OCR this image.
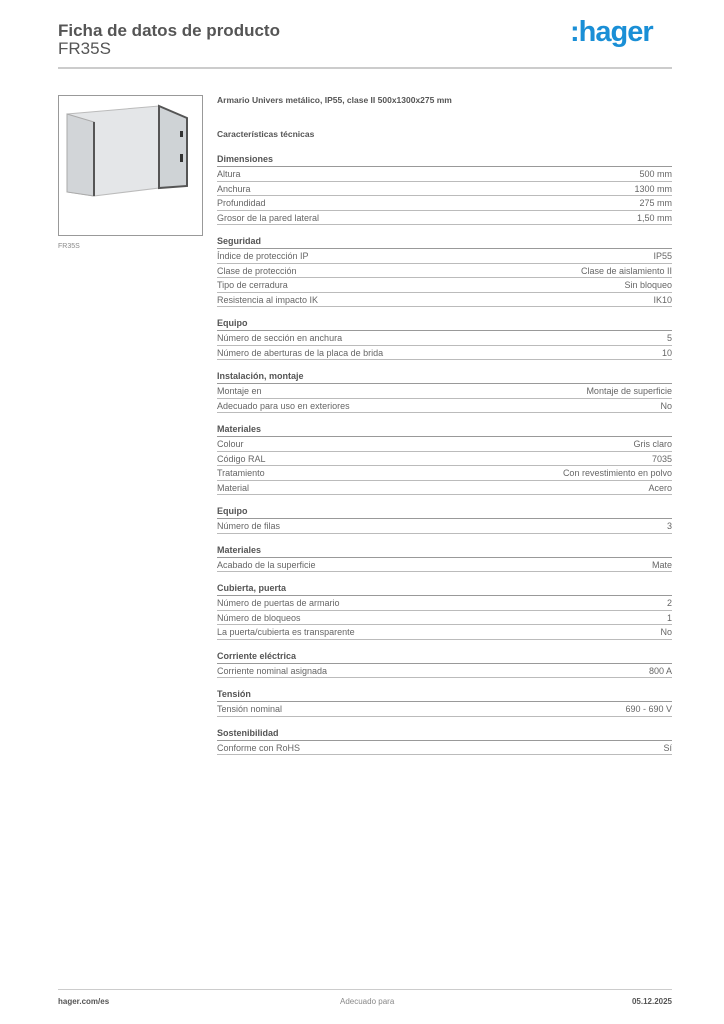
Ficha de datos de producto
FR35S
:hager
FR35S
Armario Univers metálico, IP55, clase II 500x1300x275 mm
Características técnicas
Dimensiones
Altura	500 mm
Anchura	1300 mm
Profundidad	275 mm
Grosor de la pared lateral	1,50 mm
Seguridad
Índice de protección IP	IP55
Clase de protección	Clase de aislamiento II
Tipo de cerradura	Sin bloqueo
Resistencia al impacto IK	IK10
Equipo
Número de sección en anchura	5
Número de aberturas de la placa de brida	10
Instalación, montaje
Montaje en	Montaje de superficie
Adecuado para uso en exteriores	No
Materiales
Colour	Gris claro
Código RAL	7035
Tratamiento	Con revestimiento en polvo
Material	Acero
Equipo
Número de filas	3
Materiales
Acabado de la superficie	Mate
Cubierta, puerta
Número de puertas de armario	2
Número de bloqueos	1
La puerta/cubierta es transparente	No
Corriente eléctrica
Corriente nominal asignada	800 A
Tensión
Tensión nominal	690 - 690 V
Sostenibilidad
Conforme con RoHS	Sí
hager.com/es	Adecuado para	05.12.2025
